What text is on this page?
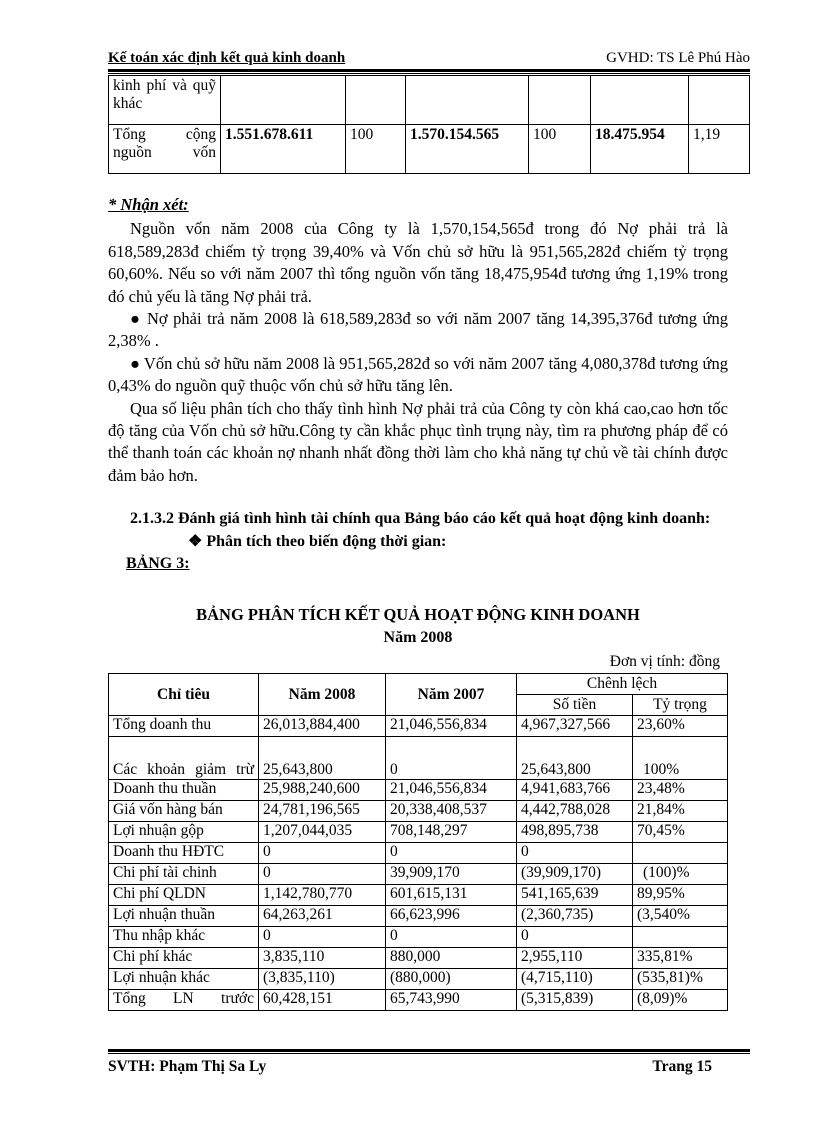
Kế toán xác định kết quả kinh doanh	GVHD: TS Lê Phú Hào
kinh phí và quỹ khác						
Tổng cộng nguồn vốn	1.551.678.611	100	1.570.154.565	100	18.475.954	1,19

* Nhận xét:

Nguồn vốn năm 2008 của Công ty là 1,570,154,565đ trong đó Nợ phải trả là 618,589,283đ chiếm tỷ trọng 39,40% và Vốn chủ sở hữu là 951,565,282đ chiếm tỷ trọng 60,60%. Nếu so với năm 2007 thì tổng nguồn vốn tăng 18,475,954đ tương ứng 1,19% trong đó chủ yếu là tăng Nợ phải trả.

● Nợ phải trả năm 2008 là 618,589,283đ so với năm 2007 tăng 14,395,376đ tương ứng 2,38% .

● Vốn chủ sở hữu năm 2008 là 951,565,282đ so với năm 2007 tăng 4,080,378đ tương ứng 0,43% do nguồn quỹ thuộc vốn chủ sở hữu tăng lên.

Qua số liệu phân tích cho thấy tình hình Nợ phải trả của Công ty còn khá cao,cao hơn tốc độ tăng của Vốn chủ sở hữu.Công ty cần khắc phục tình trụng này, tìm ra phương pháp để có thể thanh toán các khoản nợ nhanh nhất đồng thời làm cho khả năng tự chủ về tài chính được đảm bảo hơn.

2.1.3.2 Đánh giá tình hình tài chính qua Bảng báo cáo kết quả hoạt động kinh doanh:

❖ Phân tích theo biến động thời gian:

BẢNG 3:

BẢNG PHÂN TÍCH KẾT QUẢ HOẠT ĐỘNG KINH DOANH
Năm 2008
Đơn vị tính: đồng
Chỉ tiêu	Năm 2008	Năm 2007	Chênh lệch	
			Số tiền	Tỷ trọng
Tổng doanh thu	26,013,884,400	21,046,556,834	4,967,327,566	23,60%
Các khoản giảm trừ	25,643,800	0	25,643,800	100%
Doanh thu thuần	25,988,240,600	21,046,556,834	4,941,683,766	23,48%
Giá vốn hàng bán	24,781,196,565	20,338,408,537	4,442,788,028	21,84%
Lợi nhuận gộp	1,207,044,035	708,148,297	498,895,738	70,45%
Doanh thu HĐTC	0	0	0	
Chi phí tài chinh	0	39,909,170	(39,909,170)	(100)%
Chi phí QLDN	1,142,780,770	601,615,131	541,165,639	89,95%
Lợi nhuận thuần	64,263,261	66,623,996	(2,360,735)	(3,540%
Thu nhập khác	0	0	0	
Chi phí khác	3,835,110	880,000	2,955,110	335,81%
Lợi nhuận khác	(3,835,110)	(880,000)	(4,715,110)	(535,81)%
Tổng LN trước	60,428,151	65,743,990	(5,315,839)	(8,09)%
SVTH: Phạm Thị Sa Ly	Trang 15
